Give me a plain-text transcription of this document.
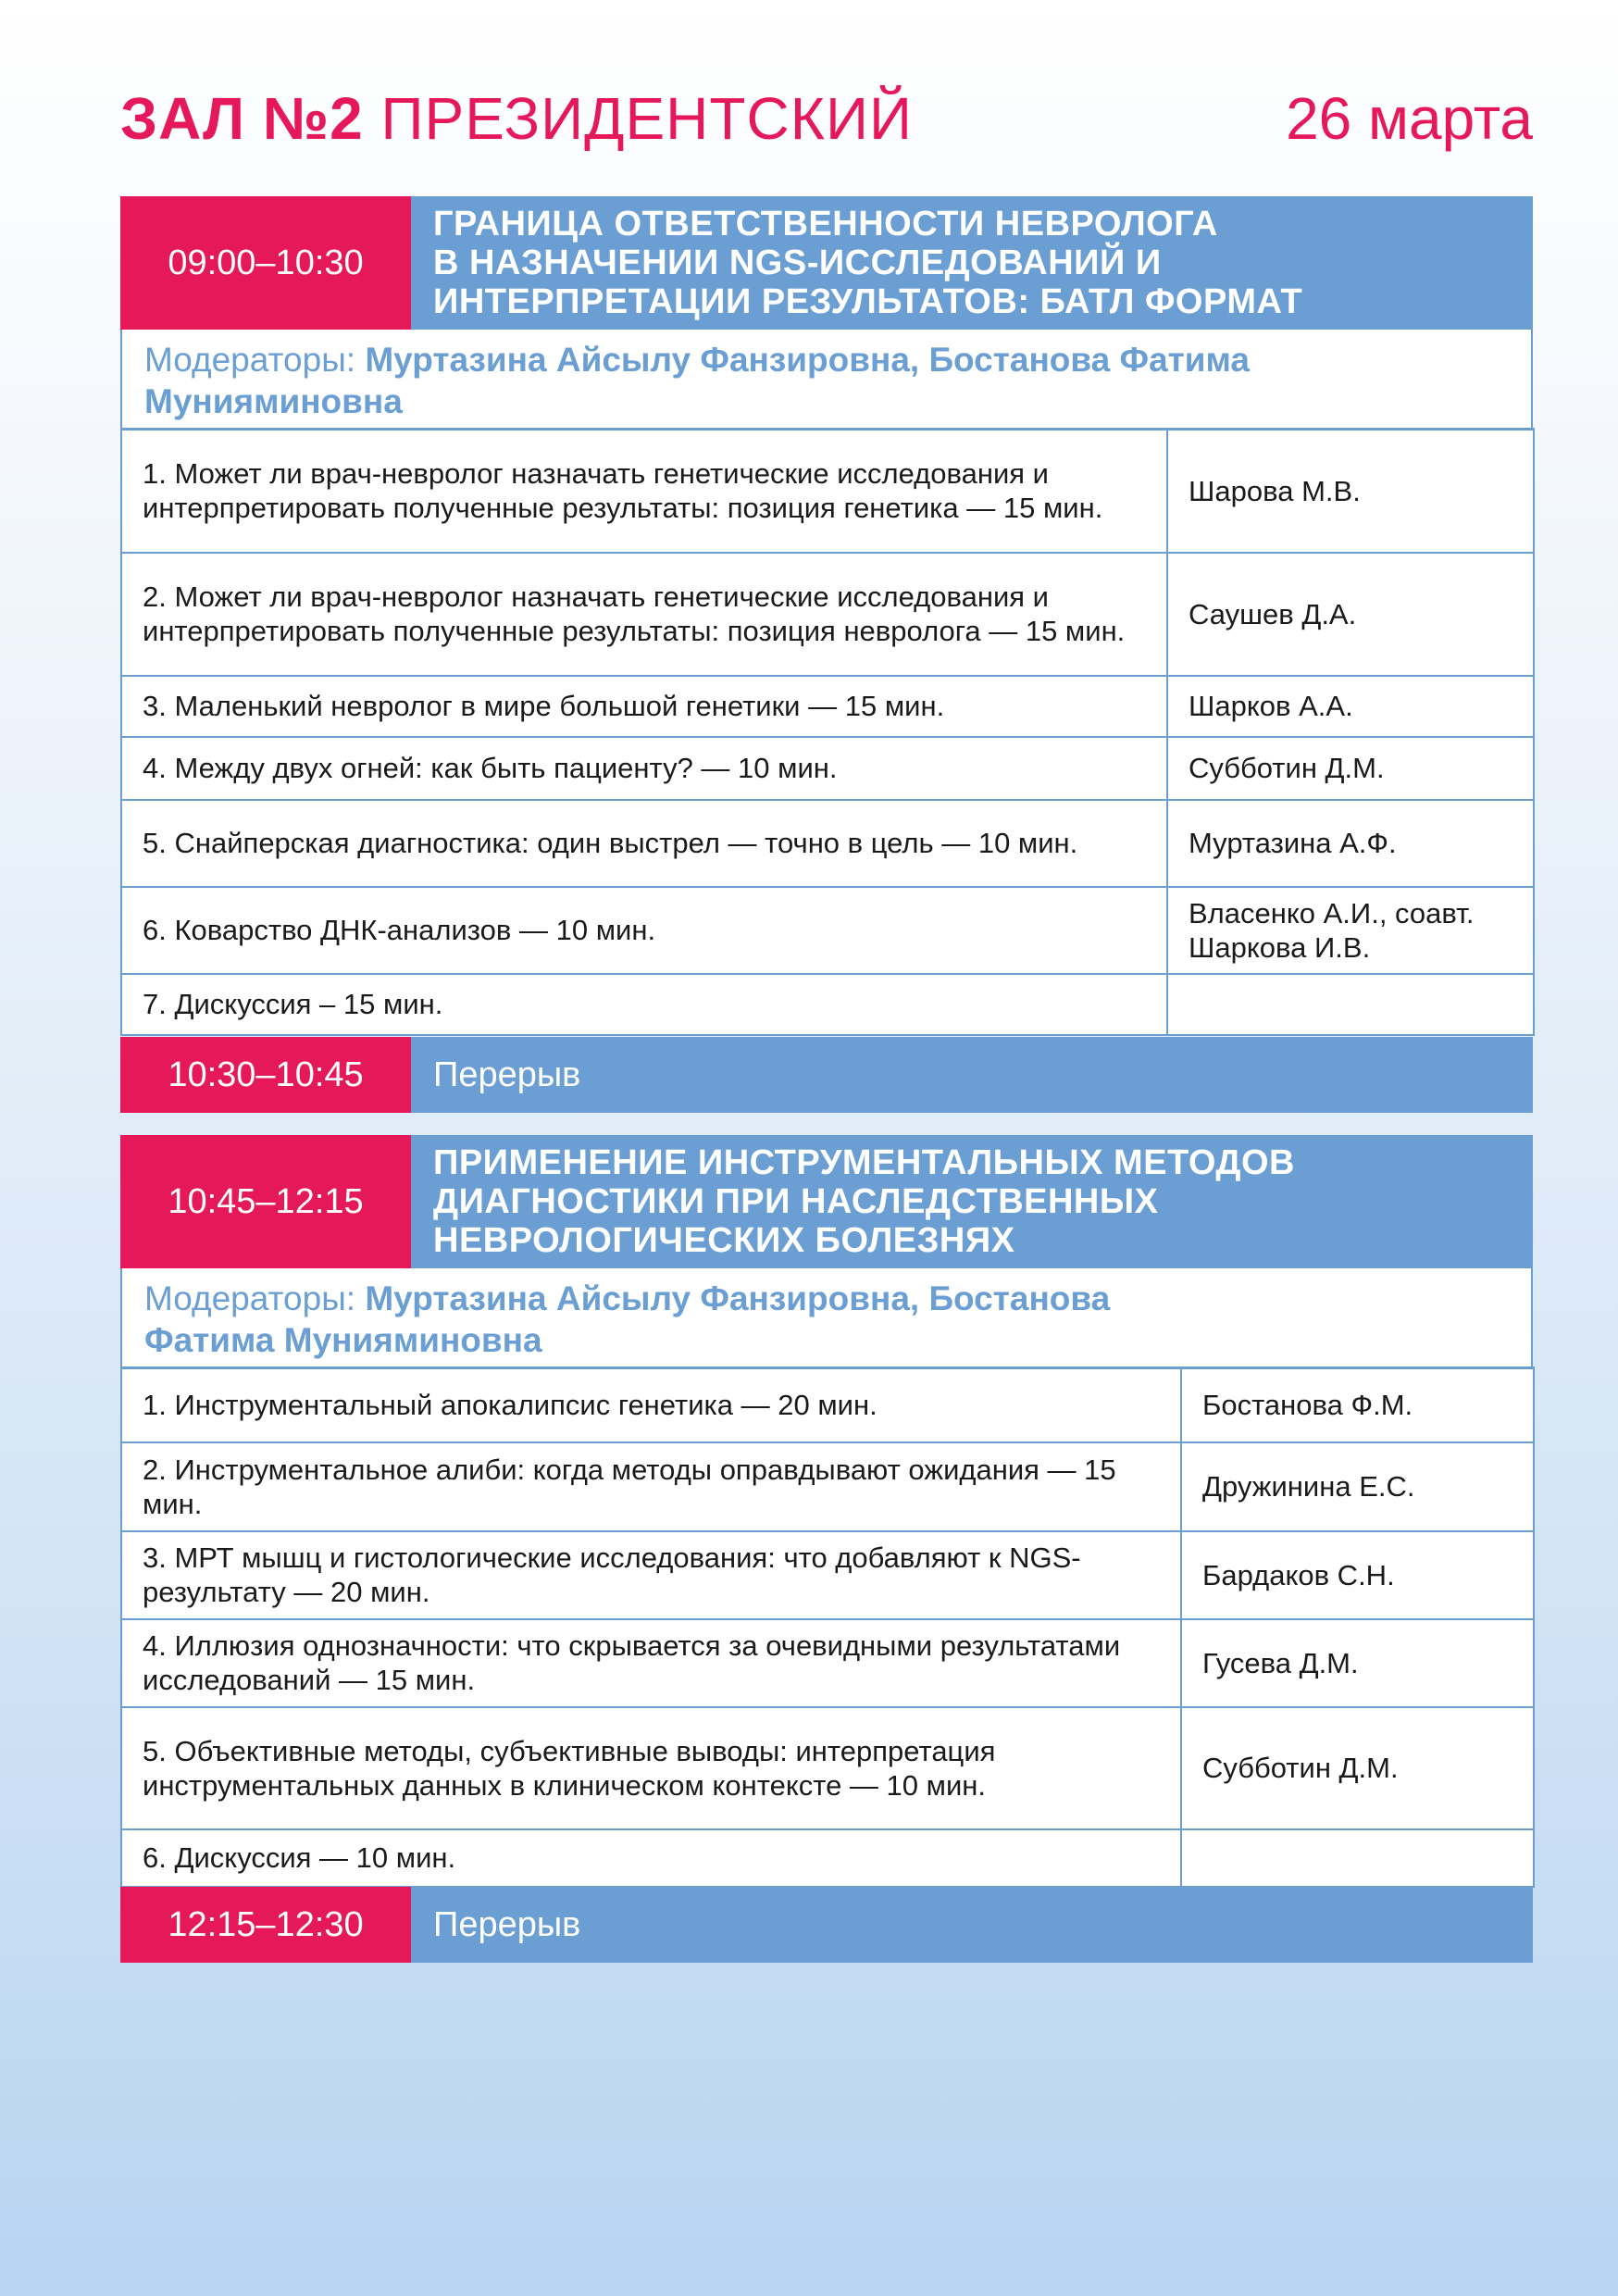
ЗАЛ №2 ПРЕЗИДЕНТСКИЙ	26 марта
09:00–10:30
ГРАНИЦА ОТВЕТСТВЕННОСТИ НЕВРОЛОГА
В НАЗНАЧЕНИИ NGS-ИССЛЕДОВАНИЙ И
ИНТЕРПРЕТАЦИИ РЕЗУЛЬТАТОВ: БАТЛ ФОРМАТ
Модераторы: Муртазина Айсылу Фанзировна, Бостанова Фатима Мунияминовна
1. Может ли врач-невролог назначать генетические исследования и интерпретировать полученные результаты: позиция генетика — 15 мин.	Шарова М.В.
2. Может ли врач-невролог назначать генетические исследования и интерпретировать полученные результаты: позиция невролога — 15 мин.	Саушев Д.А.
3. Маленький невролог в мире большой генетики — 15 мин.	Шарков А.А.
4. Между двух огней: как быть пациенту? — 10 мин.	Субботин Д.М.
5. Снайперская диагностика: один выстрел — точно в цель — 10 мин.	Муртазина А.Ф.
6. Коварство ДНК-анализов — 10 мин.	Власенко А.И., соавт. Шаркова И.В.
7. Дискуссия – 15 мин.	
10:30–10:45	Перерыв
10:45–12:15
ПРИМЕНЕНИЕ ИНСТРУМЕНТАЛЬНЫХ МЕТОДОВ
ДИАГНОСТИКИ ПРИ НАСЛЕДСТВЕННЫХ
НЕВРОЛОГИЧЕСКИХ БОЛЕЗНЯХ
Модераторы: Муртазина Айсылу Фанзировна, Бостанова Фатима Мунияминовна
1. Инструментальный апокалипсис генетика — 20 мин.	Бостанова Ф.М.
2. Инструментальное алиби: когда методы оправдывают ожидания — 15 мин.	Дружинина Е.С.
3. МРТ мышц и гистологические исследования: что добавляют к NGS-результату — 20 мин.	Бардаков С.Н.
4. Иллюзия однозначности: что скрывается за очевидными результатами исследований — 15 мин.	Гусева Д.М.
5. Объективные методы, субъективные выводы: интерпретация инструментальных данных в клиническом контексте — 10 мин.	Субботин Д.М.
6. Дискуссия — 10 мин.	
12:15–12:30	Перерыв
